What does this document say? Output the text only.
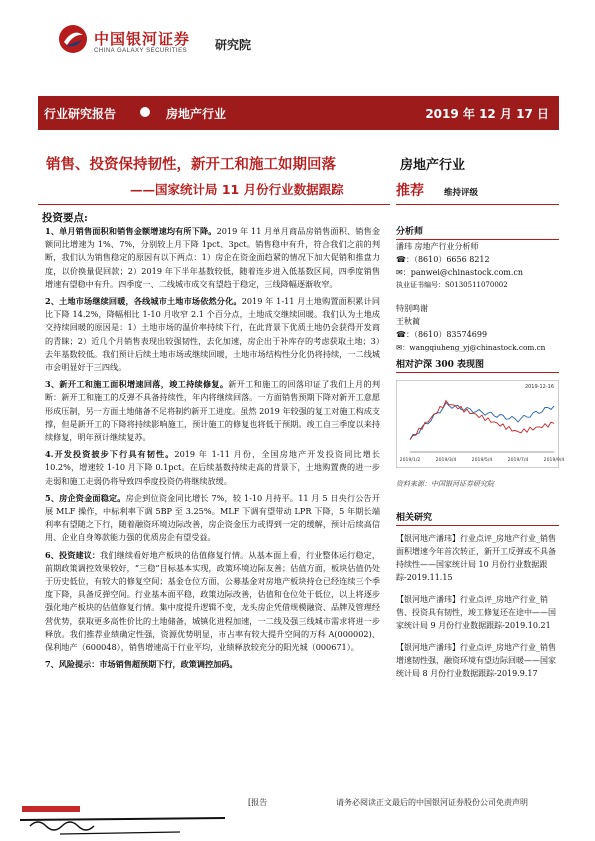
中国银河证券
CHINA GALAXY SECURITIES 研究院
行业研究报告	房地产行业	2019 年 12 月 17 日
销售、投资保持韧性，新开工和施工如期回落
——国家统计局 11 月份行业数据跟踪
房地产行业
推荐 维持评级
投资要点:

1、单月销售面积和销售金额增速均有所下降。2019 年 11 月单月商品房销售面积、销售金额同比增速为 1%、7%，分别较上月下降 1pct、3pct。销售稳中有升，符合我们之前的判断，我们认为销售稳定的原因有以下两点：1）房企在资金面趋紧的情况下加大促销和推盘力度，以价换量促回款；2）2019 年下半年基数较低，随着连步进入低基数区间，四季度销售增速有望稳中有升。四季度一、二线城市成交有望趋于稳定，三线降幅逐渐收窄。

2、土地市场继续回暖，各线城市土地市场依然分化。2019 年 1-11 月土地购置面积累计同比下降 14.2%，降幅相比 1-10 月收窄 2.1 个百分点，土地成交继续回暖。我们认为土地成交持续回暖的原因是：1）土地市场的温价率持续下行，在此背景下优质土地仍会获得开发商的青睐；2）近几个月销售表现出较强韧性，去化加速，房企出于补库存的考虑获取土地；3）去年基数较低。我们预计后续土地市场或继续回暖，土地市场结构性分化仍将持续，一二线城市会明显好于三四线。

3、新开工和施工面积增速回落，竣工持续修复。新开工和施工的回落印证了我们上月的判断：新开工和施工的反弹不具备持续性，年内将继续回落。一方面销售预期下降对新开工意愿形成压制，另一方面土地储备不足将制约新开工进度。虽然 2019 年较强的复工对施工构成支撑，但是新开工的下降将持续影响施工，预计施工的修复也将低于预期。竣工自三季度以来持续修复，明年预计继续复苏。

4.开发投资披步下行具有韧性。2019 年 1-11 月份，全国房地产开发投资同比增长 10.2%，增速较 1-10 月下降 0.1pct。在后续基数持续走高的背景下，土地购置费的进一步走弱和施工走弱仍将导致四季度投资仍将继续放缓。

5、房企资金面稳定。房企到位资金同比增长 7%，较 1-10 月持平。11 月 5 日央行公告开展 MLF 操作，中标利率下调 5BP 至 3.25%。MLF 下调有望带动 LPR 下降，5 年期长端利率有望随之下行，随着融资环境边际改善，房企资金压力或得到一定的缓解，预计后续高信用、企业自身筹款能力强的优质房企有望受益。

6、投资建议：我们继续看好地产板块的估值修复行情。从基本面上看，行业整体运行稳定，前期政策调控效果较好，“三稳”目标基本实现，政策环境边际友善；估值方面，板块估值仍处于历史低位，有较大的修复空间；基金仓位方面，公募基金对房地产板块持仓已经连续三个季度下降，具备反弹空间。行业基本面平稳，政策边际改善，估值和仓位处于低位，以上将逐步强化地产板块的估值修复行情。集中度提升逻辑不变，龙头房企凭借规模融资、品牌及管理经营优势，获取更多高性价比的土地储备，城镇化进程加速，一二线及强三线城市需求将进一步释放。我们推荐业绩确定性强，资源优势明显，市占率有较大提升空间的万科 A(000002)、保利地产（600048），销售增速高于行业平均，业绩释放较充分的阳光城（000671）。

7、风险提示：市场销售超预期下行，政策调控加码。

分析师
潘玮 房地产行业分析师
☎：（8610）6656 8212
✉：panwei@chinastock.com.cn
执业证书编号：S0130511070002
特别鸣谢
王秋蔺
☎：（8610）83574699
✉：wangqiuheng_yj@chinastock.com.cn
相对沪深 300 表现图
2019-12-16
2019/1/2	2019/3/4	2019/5/4	2019/7/4	2019/9/4
资料来源：中国银河证券研究院
相关研究

【银河地产潘玮】行业点评_房地产行业_销售面积增速今年首次转正，新开工反弹或不具备持续性——国家统计局 10 月份行业数据跟踪-2019.11.15

【银河地产潘玮】行业点评_房地产行业_销售、投资具有韧性，竣工修复还在途中——国家统计局 9 月份行业数据跟踪-2019.10.21

【银河地产潘玮】行业点评_房地产行业_销售增速韧性强，融资环境有望边际回暖——国家统计局 8 月份行业数据跟踪-2019.9.17

[报告	请务必阅读正文最后的中国银河证券股份公司免责声明
